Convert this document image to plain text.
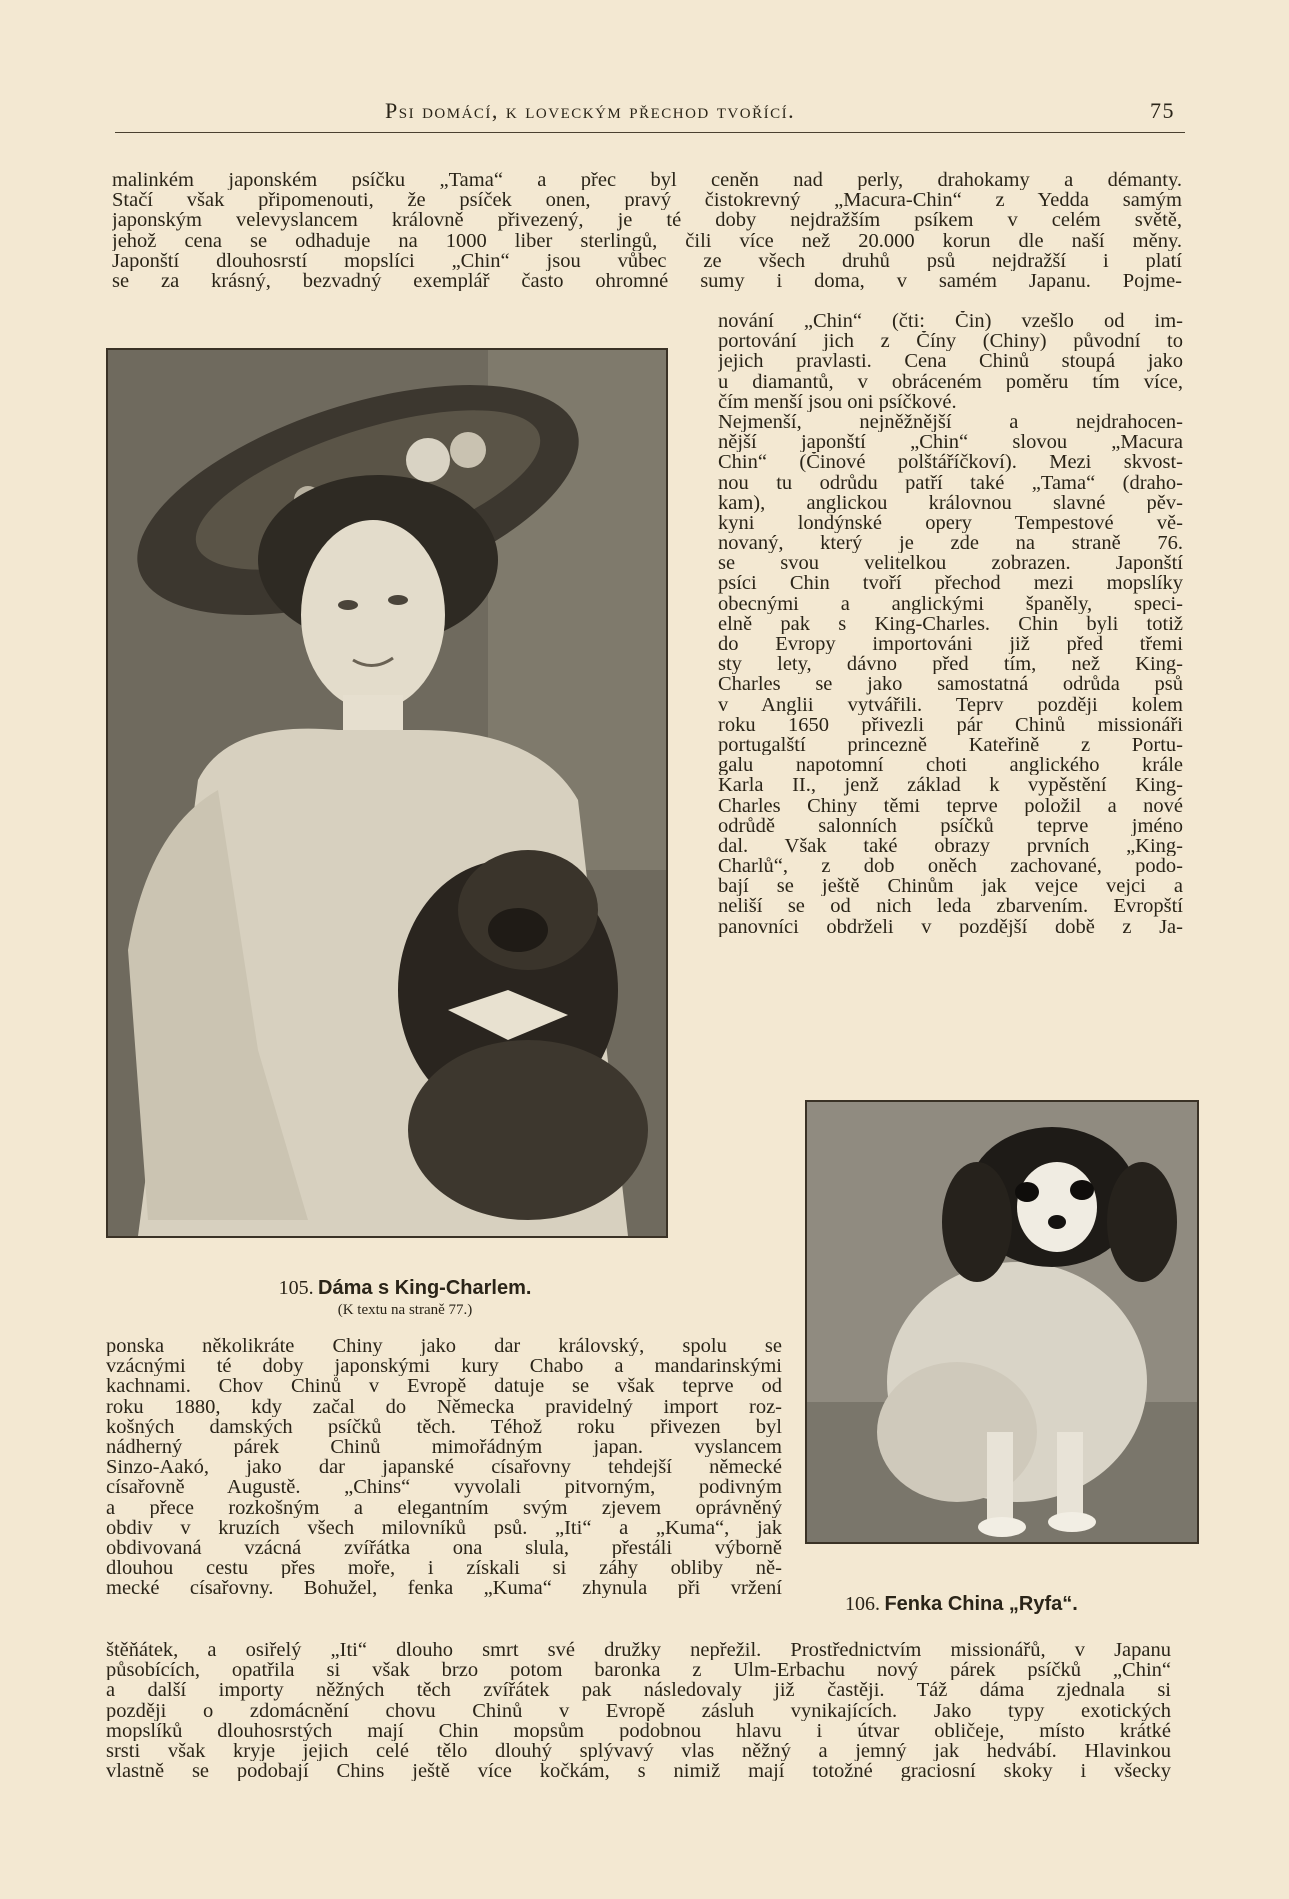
Psi domácí, k loveckým přechod tvořící.	75
malinkém japonském psíčku „Tama“ a přec byl ceněn nad perly, drahokamy a démanty.
Stačí však připomenouti, že psíček onen, pravý čistokrevný „Macura-Chin“ z Yedda samým
japonským velevyslancem královně přivezený, je té doby nejdražším psíkem v celém světě,
jehož cena se odhaduje na 1000 liber sterlingů, čili více než 20.000 korun dle naší měny.
Japonští dlouhosrstí mopslíci „Chin“ jsou vůbec ze všech druhů psů nejdražší i platí
se za krásný, bezvadný exemplář často ohromné sumy i doma, v samém Japanu. Pojme-
nování „Chin“ (čti: Čin) vzešlo od im-
portování jich z Číny (Chiny) původní to
jejich pravlasti. Cena Chinů stoupá jako
u diamantů, v obráceném poměru tím více,
čím menší jsou oni psíčkové.
Nejmenší, nejněžnější a nejdrahocen-
nější japonští „Chin“ slovou „Macura
Chin“ (Činové polštáříčkoví). Mezi skvost-
nou tu odrůdu patří také „Tama“ (draho-
kam), anglickou královnou slavné pěv-
kyni londýnské opery Tempestové vě-
novaný, který je zde na straně 76.
se svou velitelkou zobrazen. Japonští
psíci Chin tvoří přechod mezi mopslíky
obecnými a anglickými španěly, speci-
elně pak s King-Charles. Chin byli totiž
do Evropy importováni již před třemi
sty lety, dávno před tím, než King-
Charles se jako samostatná odrůda psů
v Anglii vytvářili. Teprv později kolem
roku 1650 přivezli pár Chinů missionáři
portugalští princezně Kateřině z Portu-
galu napotomní choti anglického krále
Karla II., jenž základ k vypěstění King-
Charles Chiny těmi teprve položil a nové
odrůdě salonních psíčků teprve jméno
dal. Však také obrazy prvních „King-
Charlů“, z dob oněch zachované, podo-
bají se ještě Chinům jak vejce vejci a
neliší se od nich leda zbarvením. Evropští
panovníci obdrželi v pozdější době z Ja-
105. Dáma s King-Charlem.
(K textu na straně 77.)
ponska několikráte Chiny jako dar královský, spolu se
vzácnými té doby japonskými kury Chabo a mandarinskými
kachnami. Chov Chinů v Evropě datuje se však teprve od
roku 1880, kdy začal do Německa pravidelný import roz-
košných damských psíčků těch. Téhož roku přivezen byl
nádherný párek Chinů mimořádným japan. vyslancem
Sinzo-Aakó, jako dar japanské císařovny tehdejší německé
císařovně Augustě. „Chins“ vyvolali pitvorným, podivným
a přece rozkošným a elegantním svým zjevem oprávněný
obdiv v kruzích všech milovníků psů. „Iti“ a „Kuma“, jak
obdivovaná vzácná zvířátka ona slula, přestáli výborně
dlouhou cestu přes moře, i získali si záhy obliby ně-
mecké císařovny. Bohužel, fenka „Kuma“ zhynula při vržení
106. Fenka China „Ryfa“.
štěňátek, a osiřelý „Iti“ dlouho smrt své družky nepřežil. Prostřednictvím missionářů, v Japanu
působících, opatřila si však brzo potom baronka z Ulm-Erbachu nový párek psíčků „Chin“
a další importy něžných těch zvířátek pak následovaly již častěji. Táž dáma zjednala si
později o zdomácnění chovu Chinů v Evropě zásluh vynikajících. Jako typy exotických
mopslíků dlouhosrstých mají Chin mopsům podobnou hlavu i útvar obličeje, místo krátké
srsti však kryje jejich celé tělo dlouhý splývavý vlas něžný a jemný jak hedvábí. Hlavinkou
vlastně se podobají Chins ještě více kočkám, s nimiž mají totožné graciosní skoky i všecky
